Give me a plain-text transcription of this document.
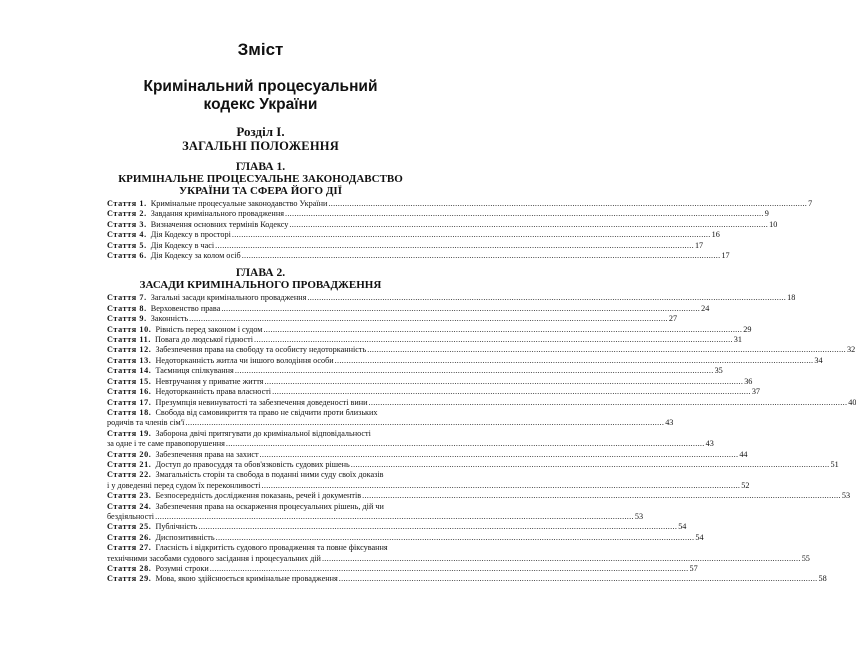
Зміст
Кримінальний процесуальний
кодекс України
Розділ I.
ЗАГАЛЬНІ ПОЛОЖЕННЯ
ГЛАВА 1.
КРИМІНАЛЬНЕ ПРОЦЕСУАЛЬНЕ ЗАКОНОДАВСТВО
УКРАЇНИ ТА СФЕРА ЙОГО ДІЇ
Стаття 1. Кримінальне процесуальне законодавство України .....	7
Стаття 2. Завдання кримінального провадження .....	9
Стаття 3. Визначення основних термінів Кодексу .....	10
Стаття 4. Дія Кодексу в просторі .....	16
Стаття 5. Дія Кодексу в часі .....	17
Стаття 6. Дія Кодексу за колом осіб .....	17
ГЛАВА 2.
ЗАСАДИ КРИМІНАЛЬНОГО ПРОВАДЖЕННЯ
Стаття 7. Загальні засади кримінального провадження .....	18
Стаття 8. Верховенство права .....	24
Стаття 9. Законність .....	27
Стаття 10. Рівність перед законом і судом .....	29
Стаття 11. Повага до людської гідності .....	31
Стаття 12. Забезпечення права на свободу та особисту недоторканність .....	32
Стаття 13. Недоторканність житла чи іншого володіння особи .....	34
Стаття 14. Таємниця спілкування .....	35
Стаття 15. Невтручання у приватне життя .....	36
Стаття 16. Недоторканність права власності .....	37
Стаття 17. Презумпція невинуватості та забезпечення доведеності вини .....	40
Стаття 18. Свобода від самовикриття та право не свідчити проти близьких
родичів та членів сім'ї .....	43
Стаття 19. Заборона двічі притягувати до кримінальної відповідальності
за одне і те саме правопорушення .....	43
Стаття 20. Забезпечення права на захист .....	44
Стаття 21. Доступ до правосуддя та обов'язковість судових рішень .....	51
Стаття 22. Змагальність сторін та свобода в поданні ними суду своїх доказів
і у доведенні перед судом їх переконливості .....	52
Стаття 23. Безпосередність дослідження показань, речей і документів .....	53
Стаття 24. Забезпечення права на оскарження процесуальних рішень, дій чи
бездіяльності .....	53
Стаття 25. Публічність .....	54
Стаття 26. Диспозитивність .....	54
Стаття 27. Гласність і відкритість судового провадження та повне фіксування
технічними засобами судового засідання і процесуальних дій .....	55
Стаття 28. Розумні строки .....	57
Стаття 29. Мова, якою здійснюється кримінальне провадження .....	58
